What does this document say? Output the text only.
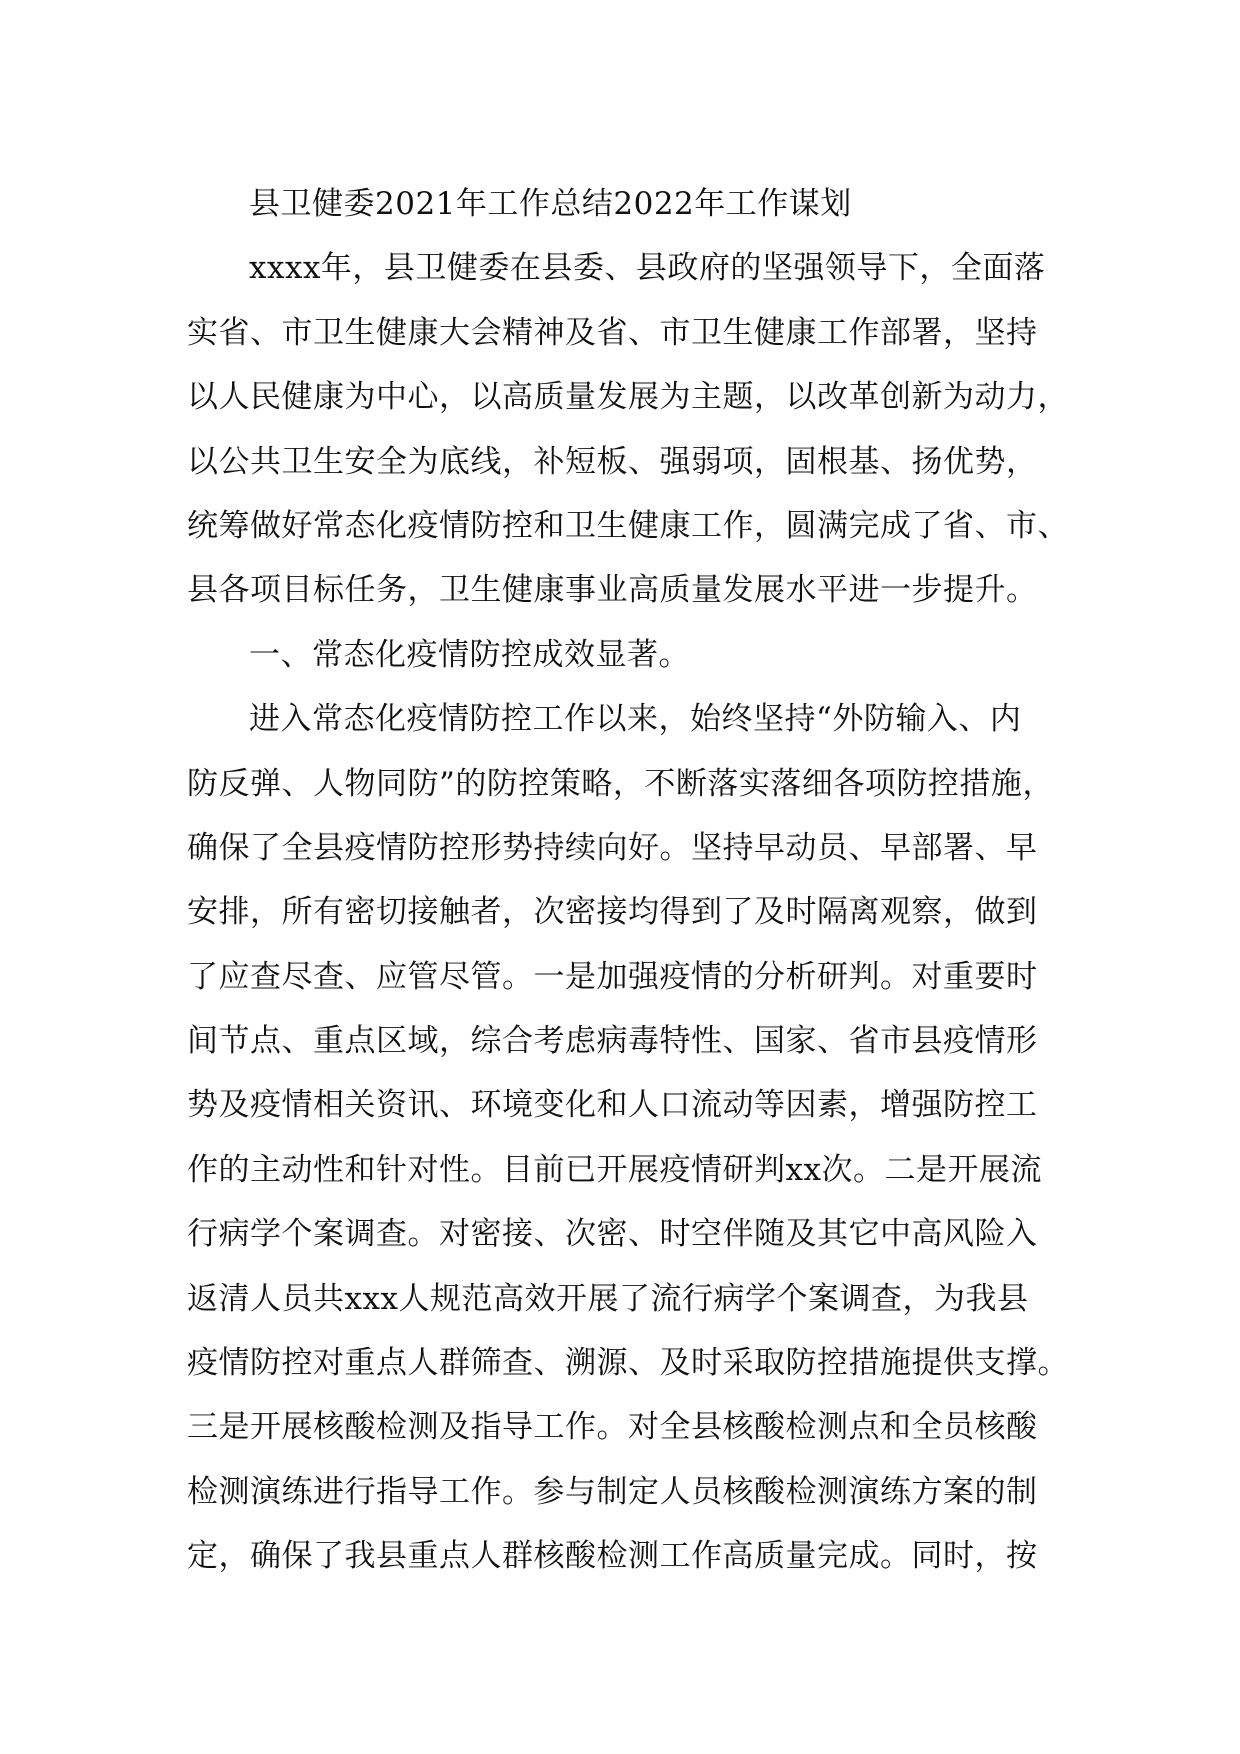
县卫健委2021年工作总结2022年工作谋划
xxxx年，县卫健委在县委、县政府的坚强领导下，全面落
实省、市卫生健康大会精神及省、市卫生健康工作部署，坚持
以人民健康为中心，以高质量发展为主题，以改革创新为动力，
以公共卫生安全为底线，补短板、强弱项，固根基、扬优势，
统筹做好常态化疫情防控和卫生健康工作，圆满完成了省、市、
县各项目标任务，卫生健康事业高质量发展水平进一步提升。
一、常态化疫情防控成效显著。
进入常态化疫情防控工作以来，始终坚持“外防输入、内
防反弹、人物同防”的防控策略，不断落实落细各项防控措施，
确保了全县疫情防控形势持续向好。坚持早动员、早部署、早
安排，所有密切接触者，次密接均得到了及时隔离观察，做到
了应查尽查、应管尽管。一是加强疫情的分析研判。对重要时
间节点、重点区域，综合考虑病毒特性、国家、省市县疫情形
势及疫情相关资讯、环境变化和人口流动等因素，增强防控工
作的主动性和针对性。目前已开展疫情研判xx次。二是开展流
行病学个案调查。对密接、次密、时空伴随及其它中高风险入
返清人员共xxx人规范高效开展了流行病学个案调查，为我县
疫情防控对重点人群筛查、溯源、及时采取防控措施提供支撑。
三是开展核酸检测及指导工作。对全县核酸检测点和全员核酸
检测演练进行指导工作。参与制定人员核酸检测演练方案的制
定，确保了我县重点人群核酸检测工作高质量完成。同时，按
